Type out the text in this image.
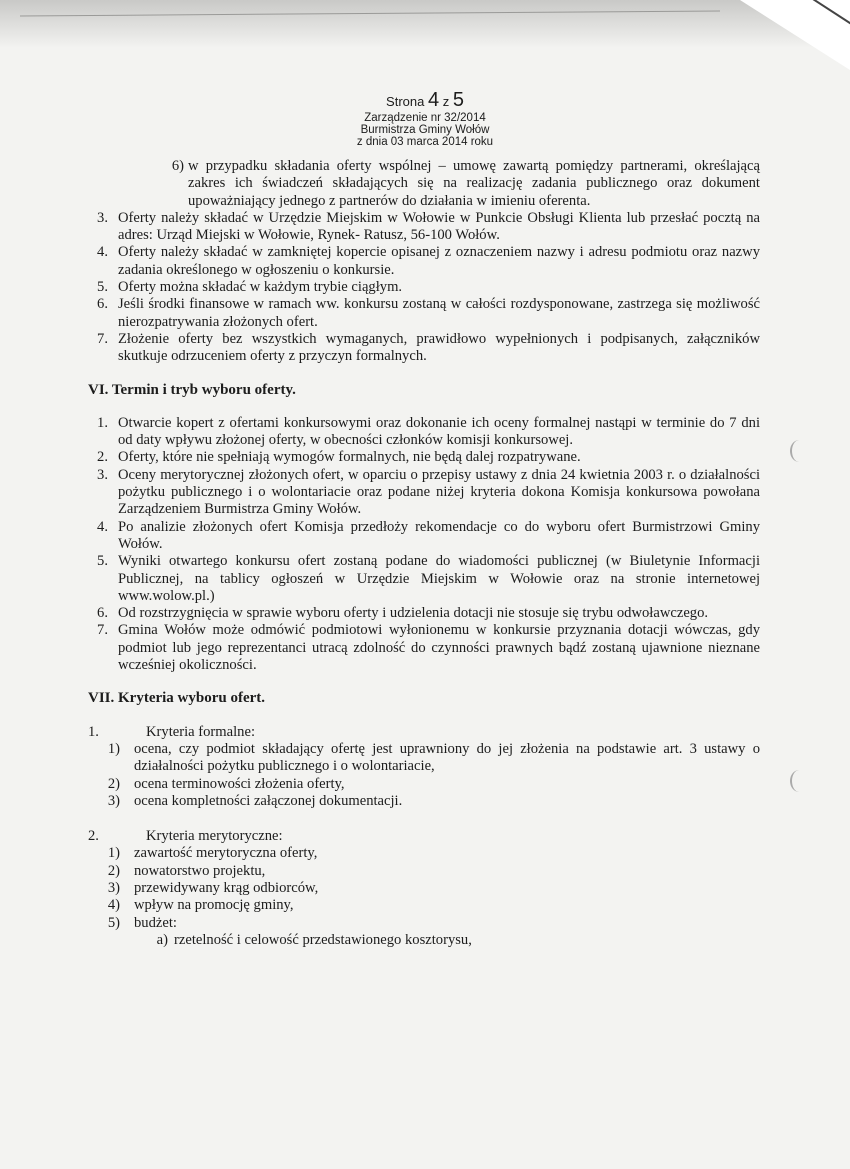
Strona 4 z 5
Zarządzenie nr 32/2014
Burmistrza Gminy Wołów
z dnia 03 marca 2014 roku
6) w przypadku składania oferty wspólnej – umowę zawartą pomiędzy partnerami, określającą zakres ich świadczeń składających się na realizację zadania publicznego oraz dokument upoważniający jednego z partnerów do działania w imieniu oferenta.
3. Oferty należy składać w Urzędzie Miejskim w Wołowie w Punkcie Obsługi Klienta lub przesłać pocztą na adres: Urząd Miejski w Wołowie, Rynek- Ratusz, 56-100 Wołów.
4. Oferty należy składać w zamkniętej kopercie opisanej z oznaczeniem nazwy i adresu podmiotu oraz nazwy zadania określonego w ogłoszeniu o konkursie.
5. Oferty można składać w każdym trybie ciągłym.
6. Jeśli środki finansowe w ramach ww. konkursu zostaną w całości rozdysponowane, zastrzega się możliwość nierozpatrywania złożonych ofert.
7. Złożenie oferty bez wszystkich wymaganych, prawidłowo wypełnionych i podpisanych, załączników skutkuje odrzuceniem oferty z przyczyn formalnych.
VI. Termin i tryb wyboru oferty.
1. Otwarcie kopert z ofertami konkursowymi oraz dokonanie ich oceny formalnej nastąpi w terminie do 7 dni od daty wpływu złożonej oferty, w obecności członków komisji konkursowej.
2. Oferty, które nie spełniają wymogów formalnych, nie będą dalej rozpatrywane.
3. Oceny merytorycznej złożonych ofert, w oparciu o przepisy ustawy z dnia 24 kwietnia 2003 r. o działalności pożytku publicznego i o wolontariacie oraz podane niżej kryteria dokona Komisja konkursowa powołana Zarządzeniem Burmistrza Gminy Wołów.
4. Po analizie złożonych ofert Komisja przedłoży rekomendacje co do wyboru ofert Burmistrzowi Gminy Wołów.
5. Wyniki otwartego konkursu ofert zostaną podane do wiadomości publicznej (w Biuletynie Informacji Publicznej, na tablicy ogłoszeń w Urzędzie Miejskim w Wołowie oraz na stronie internetowej www.wolow.pl.)
6. Od rozstrzygnięcia w sprawie wyboru oferty i udzielenia dotacji nie stosuje się trybu odwoławczego.
7. Gmina Wołów może odmówić podmiotowi wyłonionemu w konkursie przyznania dotacji wówczas, gdy podmiot lub jego reprezentanci utracą zdolność do czynności prawnych bądź zostaną ujawnione nieznane wcześniej okoliczności.
VII. Kryteria wyboru ofert.
1.	Kryteria formalne:
1) ocena, czy podmiot składający ofertę jest uprawniony do jej złożenia na podstawie art. 3 ustawy o działalności pożytku publicznego i o wolontariacie,
2) ocena terminowości złożenia oferty,
3) ocena kompletności załączonej dokumentacji.
2.	Kryteria merytoryczne:
1) zawartość merytoryczna oferty,
2) nowatorstwo projektu,
3) przewidywany krąg odbiorców,
4) wpływ na promocję gminy,
5) budżet:
a) rzetelność i celowość przedstawionego kosztorysu,
